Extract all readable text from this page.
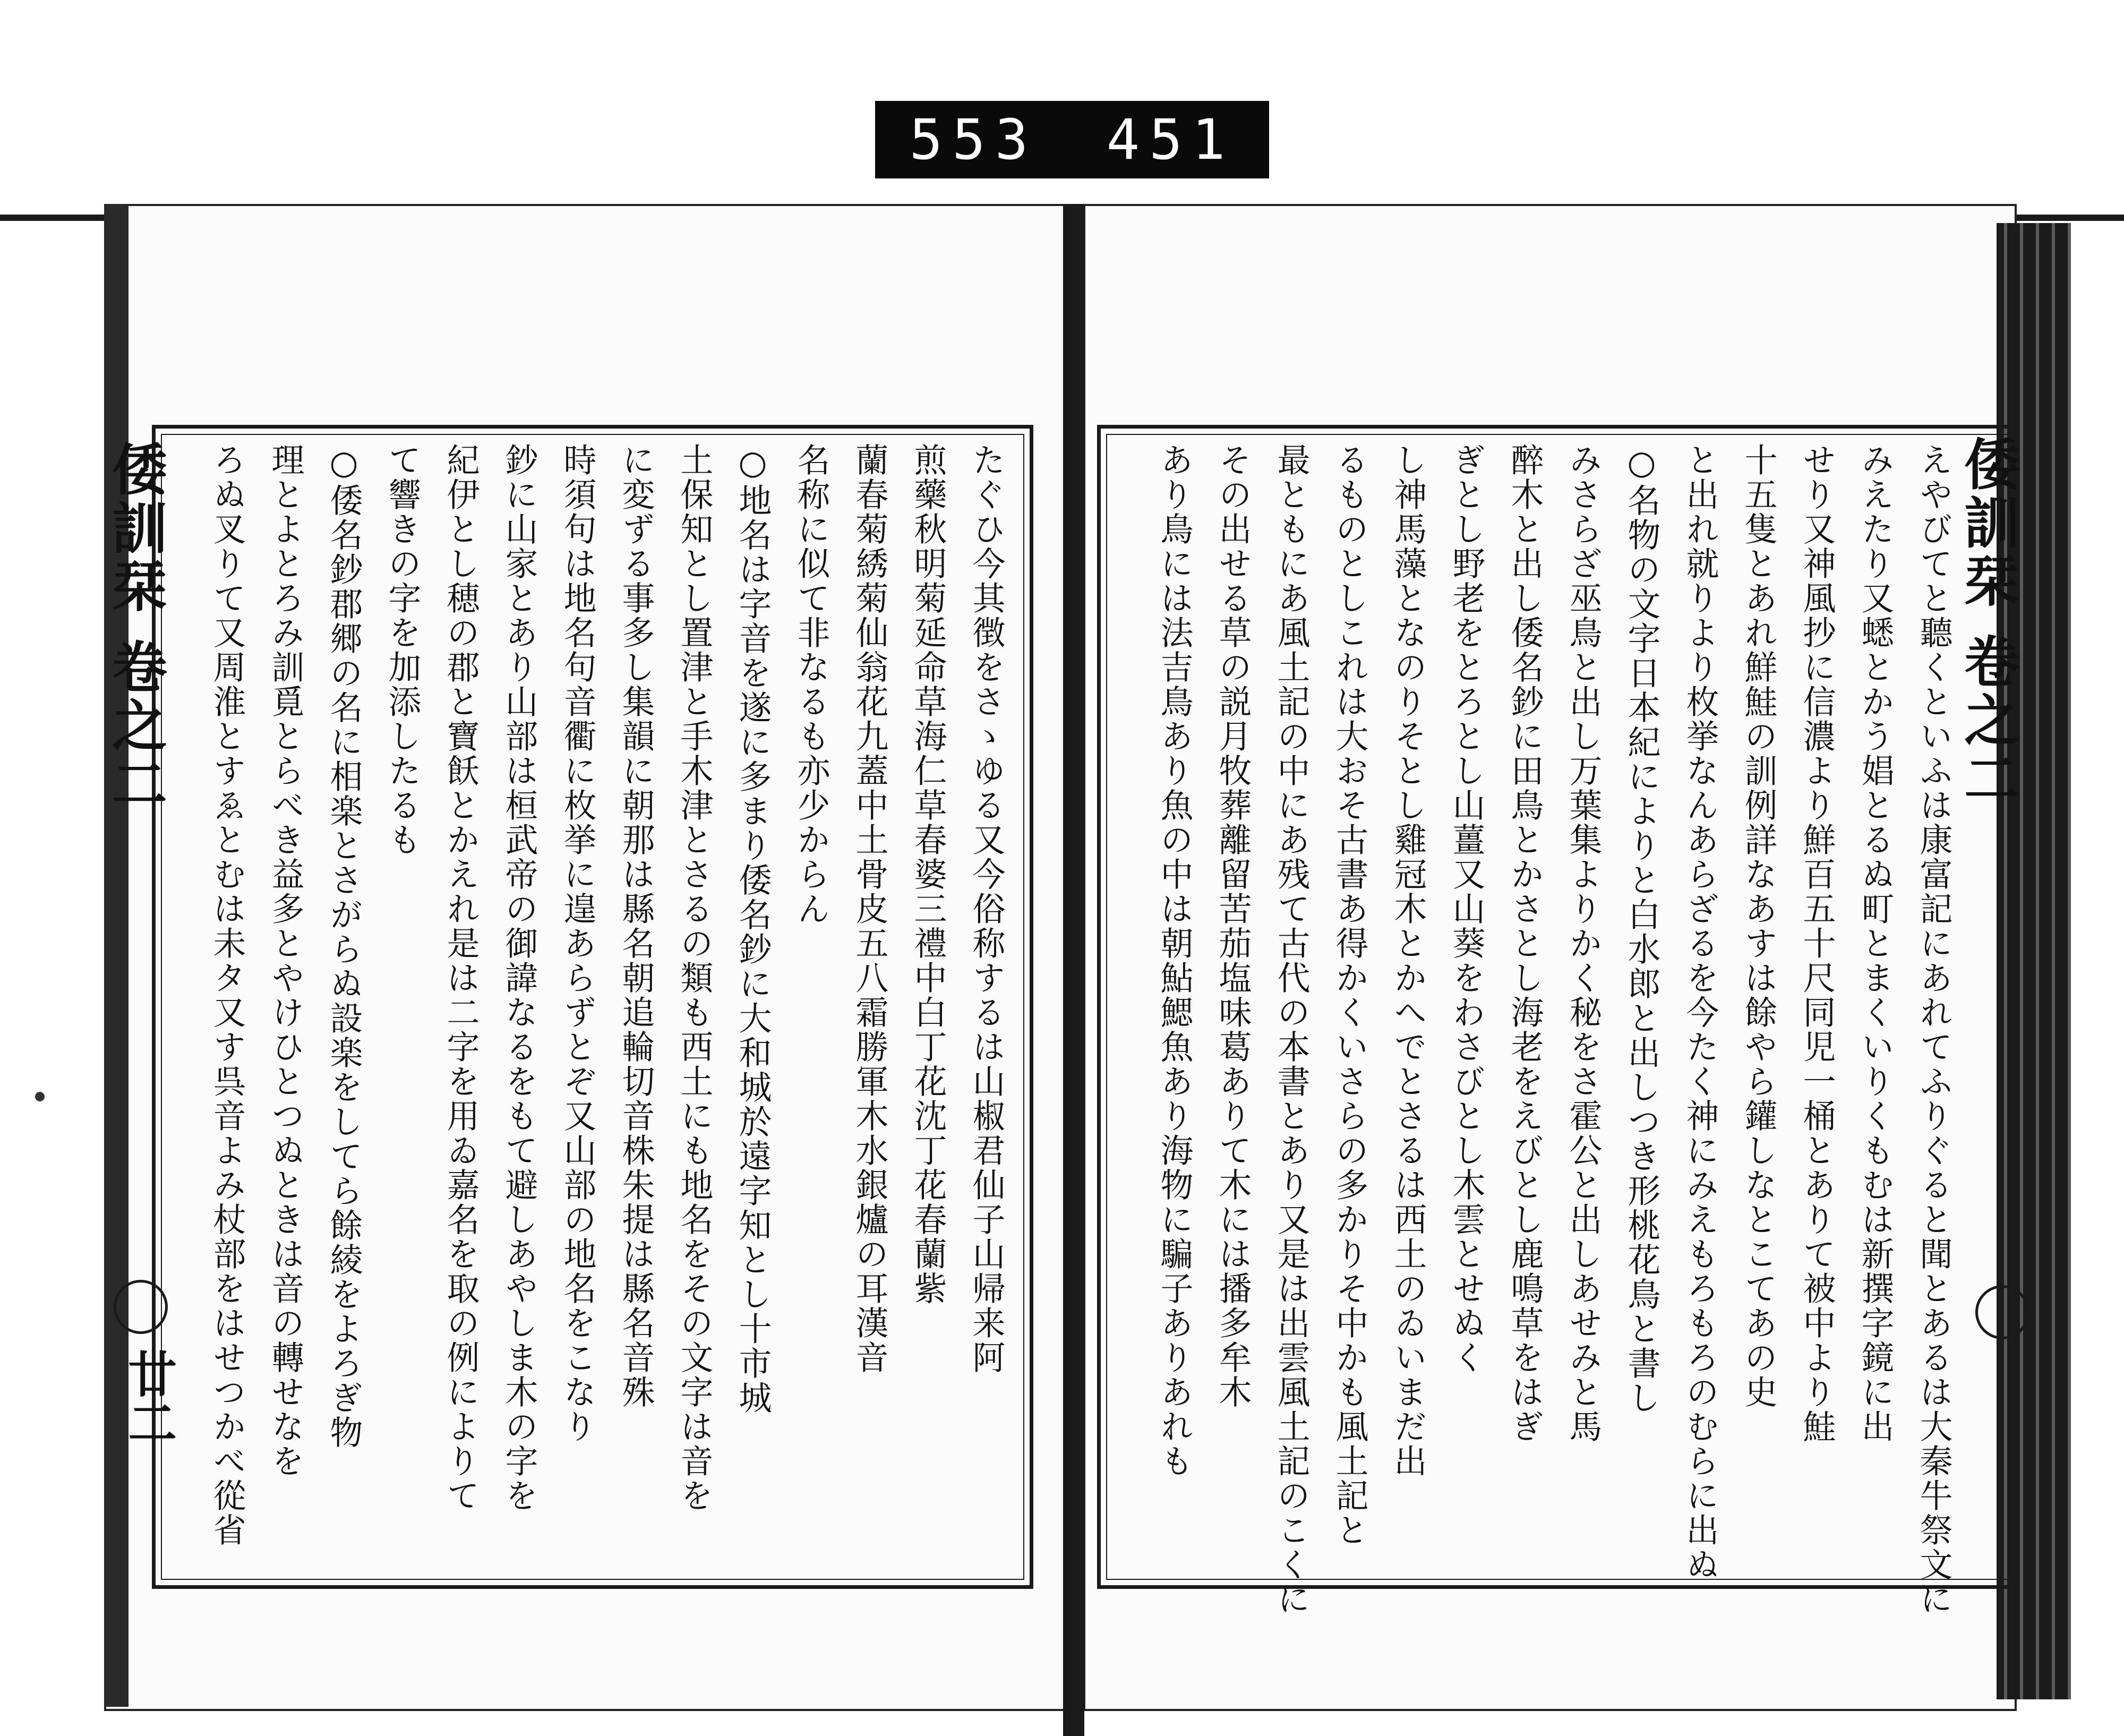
553 451
倭訓栞 卷之二
廿二
倭訓栞 卷之二

えやびてと聽くといふは康富記にあれてふりぐると聞とあるは大秦牛祭文に

みえたり又蟋とかう娼とるぬ町とまくいりくもむは新撰字鏡に出

せり又神風抄に信濃より鮮百五十尺同児一桶とありて被中より鮭

十五隻とあれ鮮鮭の訓例詳なあすは餘やら鑵しなとこてあの史

と出れ就りより枚挙なんあらざるを今たく神にみえもろもろのむらに出ぬ

○名物の文字日本紀によりと白水郎と出しつき形桃花鳥と書し

みさらざ巫鳥と出し万葉集よりかく秘をさ霍公と出しあせみと馬

醉木と出し倭名鈔に田鳥とかさとし海老をえびとし鹿鳴草をはぎ

ぎとし野老をとろとし山薑又山葵をわさびとし木雲とせぬく

し神馬藻となのりそとし雞冠木とかへでとさるは西土のゐいまだ出

るものとしこれは大おそ古書あ得かくいさらの多かりそ中かも風土記と

最ともにあ風土記の中にあ残て古代の本書とあり又是は出雲風土記のこくに

その出せる草の説月牧葬離留苦茄塩味葛ありて木には播多牟木

あり鳥には法吉鳥あり魚の中は朝鮎鰓魚あり海物に騙子ありあれも

たぐひ今其徴をさゝゆる又今俗称するは山椒君仙子山帰来阿

煎藥秋明菊延命草海仁草春婆三禮中白丁花沈丁花春蘭紫

蘭春菊綉菊仙翁花九蓋中土骨皮五八霜勝軍木水銀爐の耳漢音

名称に似て非なるも亦少からん

○地名は字音を遂に多まり倭名鈔に大和城於遠字知とし十市城

土保知とし置津と手木津とさるの類も西土にも地名をその文字は音を

に変ずる事多し集韻に朝那は縣名朝追輪切音株朱提は縣名音殊

時須句は地名句音衢に枚挙に遑あらずとぞ又山部の地名をこなり

鈔に山家とあり山部は桓武帝の御諱なるをもて避しあやしま木の字を

紀伊とし穂の郡と寶飫とかえれ是は二字を用ゐ嘉名を取の例によりて

て響きの字を加添したるも

○倭名鈔郡郷の名に相楽とさがらぬ設楽をしてら餘綾をよろぎ物

理とよとろみ訓覓とらべき益多とやけひとつぬときは音の轉せなを

ろぬ叉りて又周淮とすゑとむは未タ又す呉音よみ杖部をはせつかべ從省
